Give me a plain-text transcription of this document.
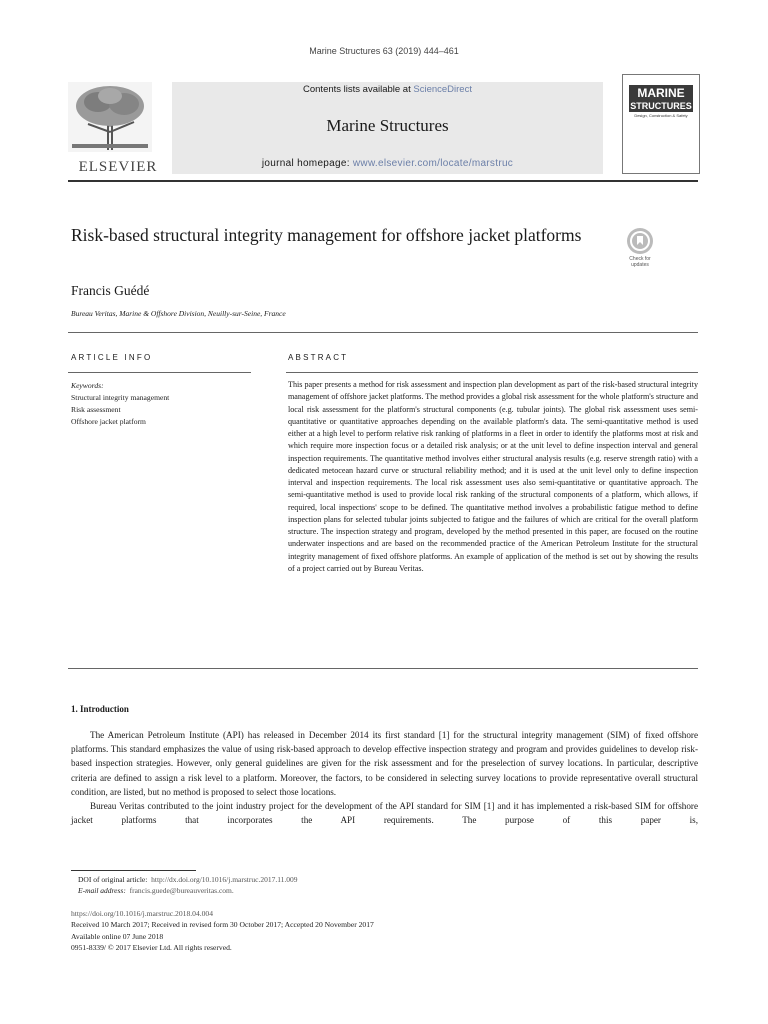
Marine Structures 63 (2019) 444–461
ELSEVIER
Contents lists available at ScienceDirect
Marine Structures
journal homepage: www.elsevier.com/locate/marstruc
MARINE
STRUCTURES
Design, Construction & Safety
Risk-based structural integrity management for offshore jacket platforms
Check for updates
Francis Guédé
Bureau Veritas, Marine & Offshore Division, Neuilly-sur-Seine, France
ARTICLE INFO	ABSTRACT
Keywords:
Structural integrity management
Risk assessment
Offshore jacket platform
This paper presents a method for risk assessment and inspection plan development as part of the risk-based structural integrity management of offshore jacket platforms. The method provides a global risk assessment for the whole platform's structure and local risk assessment for the platform's structural components (e.g. tubular joints). The global risk assessment uses semi-quantitative or quantitative approaches depending on the available platform's data. The semi-quantitative method is used either at a high level to perform relative risk ranking of platforms in a fleet in order to identify the platforms most at risk and which require more inspection focus or a detailed risk analysis; or at the unit level to define inspection interval and general inspection requirements. The quantitative method involves either structural analysis results (e.g. reserve strength ratio) with a dedicated metocean hazard curve or structural reliability method; and it is used at the unit level only to define inspection interval and inspection requirements. The local risk assessment uses also semi-quantitative or quantitative approach. The semi-quantitative method is used to provide local risk ranking of the structural components of a platform, which allows, if required, local inspections' scope to be defined. The quantitative method involves a probabilistic fatigue method to define inspection plans for selected tubular joints subjected to fatigue and the failures of which are critical for the overall platform structure. The inspection strategy and program, developed by the method presented in this paper, are focused on the routine underwater inspections and are based on the recommended practice of the American Petroleum Institute for the structural integrity management of fixed offshore platforms. An example of application of the method is set out by showing the results of a project carried out by Bureau Veritas.
1. Introduction

The American Petroleum Institute (API) has released in December 2014 its first standard [1] for the structural integrity management (SIM) of fixed offshore platforms. This standard emphasizes the value of using risk-based approach to develop effective inspection strategy and program and provides guidelines to develop risk-based inspection strategies. However, only general guidelines are given for the risk assessment and for the preselection of survey locations. In particular, descriptive criteria are defined to assign a risk level to a platform. Moreover, the factors, to be considered in selecting survey locations to provide representative overall structural condition, are listed, but no method is proposed to select those locations.

Bureau Veritas contributed to the joint industry project for the development of the API standard for SIM [1] and it has implemented a risk-based SIM for offshore jacket platforms that incorporates the API requirements. The purpose of this paper is,

DOI of original article: http://dx.doi.org/10.1016/j.marstruc.2017.11.009
E-mail address: francis.guede@bureauveritas.com.
https://doi.org/10.1016/j.marstruc.2018.04.004
Received 10 March 2017; Received in revised form 30 October 2017; Accepted 20 November 2017
Available online 07 June 2018
0951-8339/ © 2017 Elsevier Ltd. All rights reserved.
